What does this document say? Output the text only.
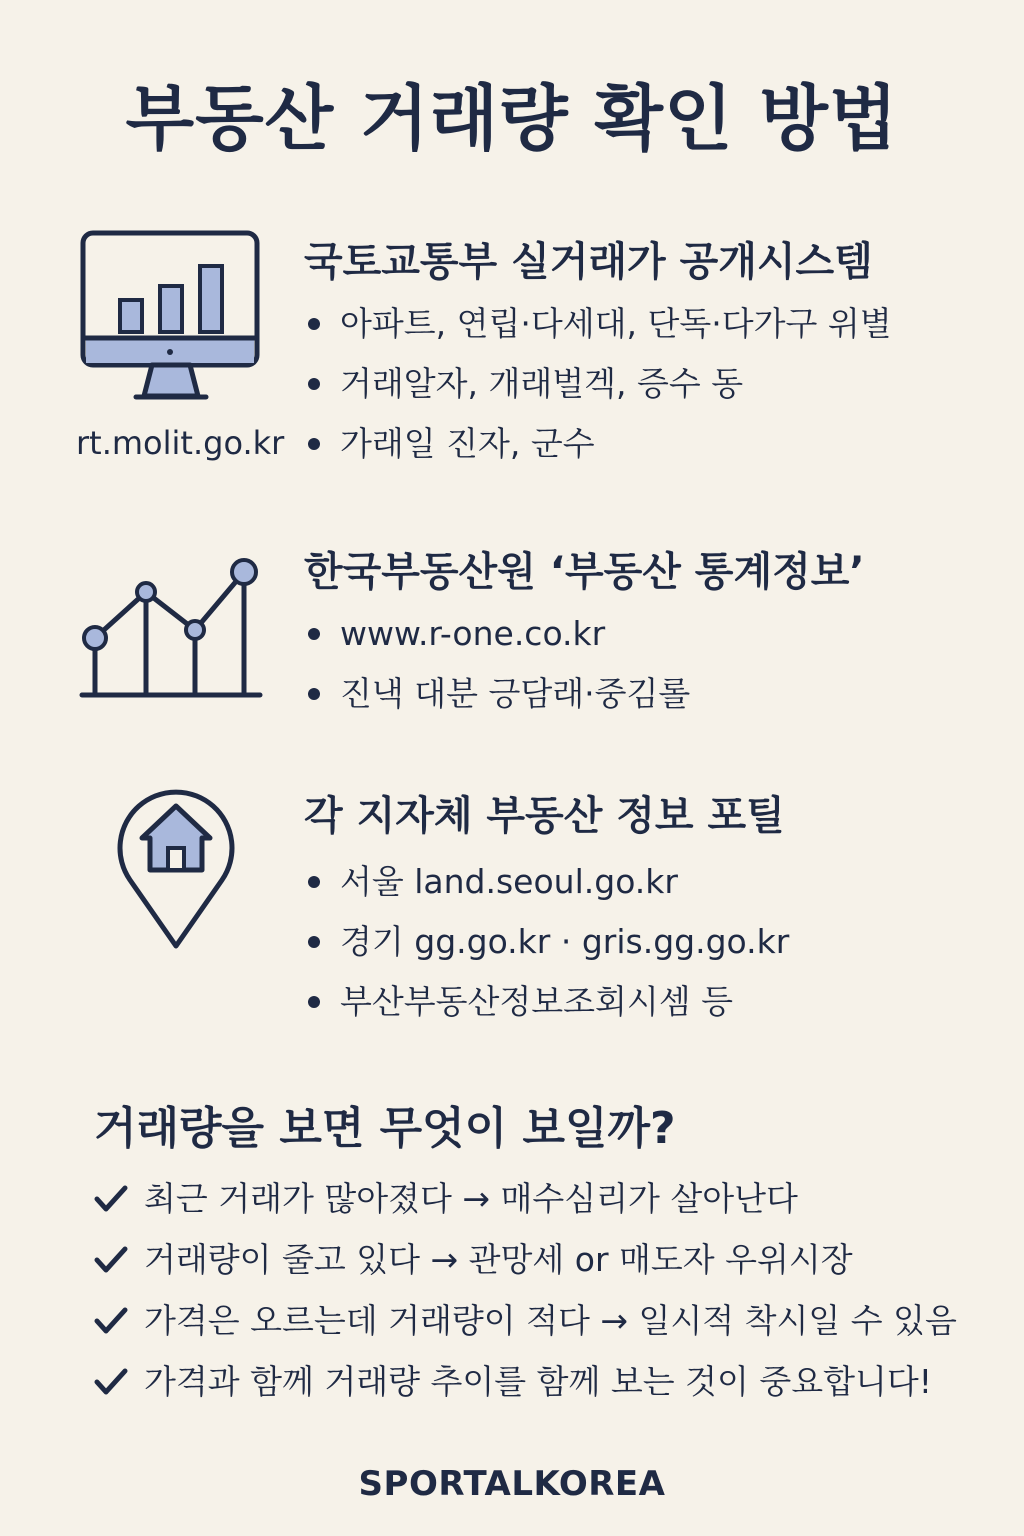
부동산 거래량 확인 방법
국토교통부 실거래가 공개시스템
아파트, 연립·다세대, 단독·다가구 위별
거래알자, 개래벌겍, 증수 동
가래일 진자, 군수
rt.molit.go.kr
한국부동산원 ‘부동산 통계정보’
www.r-one.co.kr
진낵 대분 긍담래·중김롤
각 지자체 부동산 정보 포틸
서울 land.seoul.go.kr
경기 gg.go.kr · gris.gg.go.kr
부산부동산정보조회시셈 등
거래량을 보면 무엇이 보일까?
최근 거래가 많아졌다 → 매수심리가 살아난다
거래량이 줄고 있다 → 관망세 or 매도자 우위시장
가격은 오르는데 거래량이 적다 → 일시적 착시일 수 있음
가격과 함께 거래량 추이를 함께 보는 것이 중요합니다!
SPORTALKOREA
